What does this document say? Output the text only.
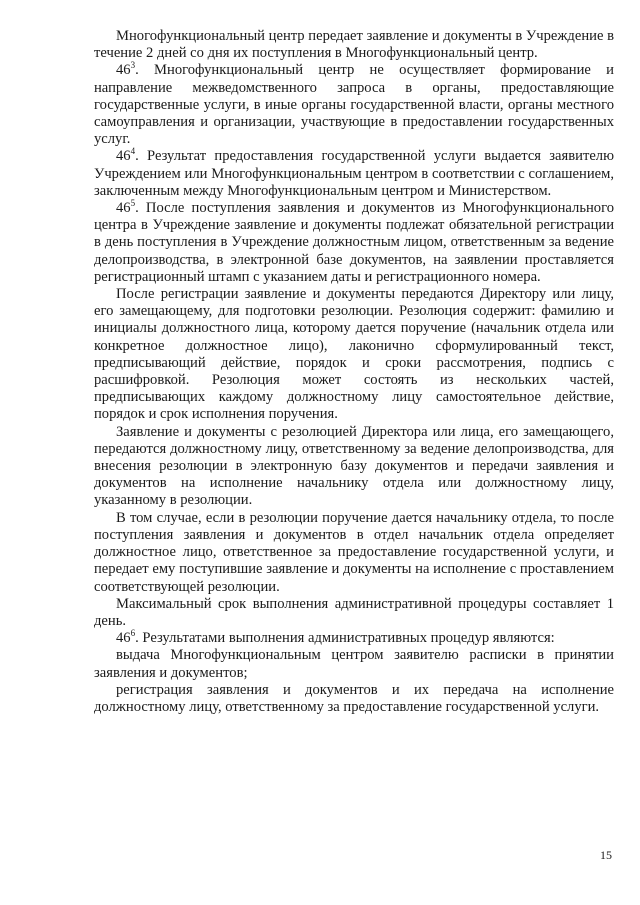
Многофункциональный центр передает заявление и документы в Учреждение в течение 2 дней со дня их поступления в Многофункциональный центр.

$46^3$. Многофункциональный центр не осуществляет формирование и направление межведомственного запроса в органы, предоставляющие государственные услуги, в иные органы государственной власти, органы местного самоуправления и организации, участвующие в предоставлении государственных услуг.

$46^4$. Результат предоставления государственной услуги выдается заявителю Учреждением или Многофункциональным центром в соответствии с соглашением, заключенным между Многофункциональным центром и Министерством.

$46^5$. После поступления заявления и документов из Многофункционального центра в Учреждение заявление и документы подлежат обязательной регистрации в день поступления в Учреждение должностным лицом, ответственным за ведение делопроизводства, в электронной базе документов, на заявлении проставляется регистрационный штамп с указанием даты и регистрационного номера.

После регистрации заявление и документы передаются Директору или лицу, его замещающему, для подготовки резолюции. Резолюция содержит: фамилию и инициалы должностного лица, которому дается поручение (начальник отдела или конкретное должностное лицо), лаконично сформулированный текст, предписывающий действие, порядок и сроки рассмотрения, подпись с расшифровкой. Резолюция может состоять из нескольких частей, предписывающих каждому должностному лицу самостоятельное действие, порядок и срок исполнения поручения.

Заявление и документы с резолюцией Директора или лица, его замещающего, передаются должностному лицу, ответственному за ведение делопроизводства, для внесения резолюции в электронную базу документов и передачи заявления и документов на исполнение начальнику отдела или должностному лицу, указанному в резолюции.

В том случае, если в резолюции поручение дается начальнику отдела, то после поступления заявления и документов в отдел начальник отдела определяет должностное лицо, ответственное за предоставление государственной услуги, и передает ему поступившие заявление и документы на исполнение с проставлением соответствующей резолюции.

Максимальный срок выполнения административной процедуры составляет 1 день.

$46^6$. Результатами выполнения административных процедур являются:

выдача Многофункциональным центром заявителю расписки в принятии заявления и документов;

регистрация заявления и документов и их передача на исполнение должностному лицу, ответственному за предоставление государственной услуги.

15
